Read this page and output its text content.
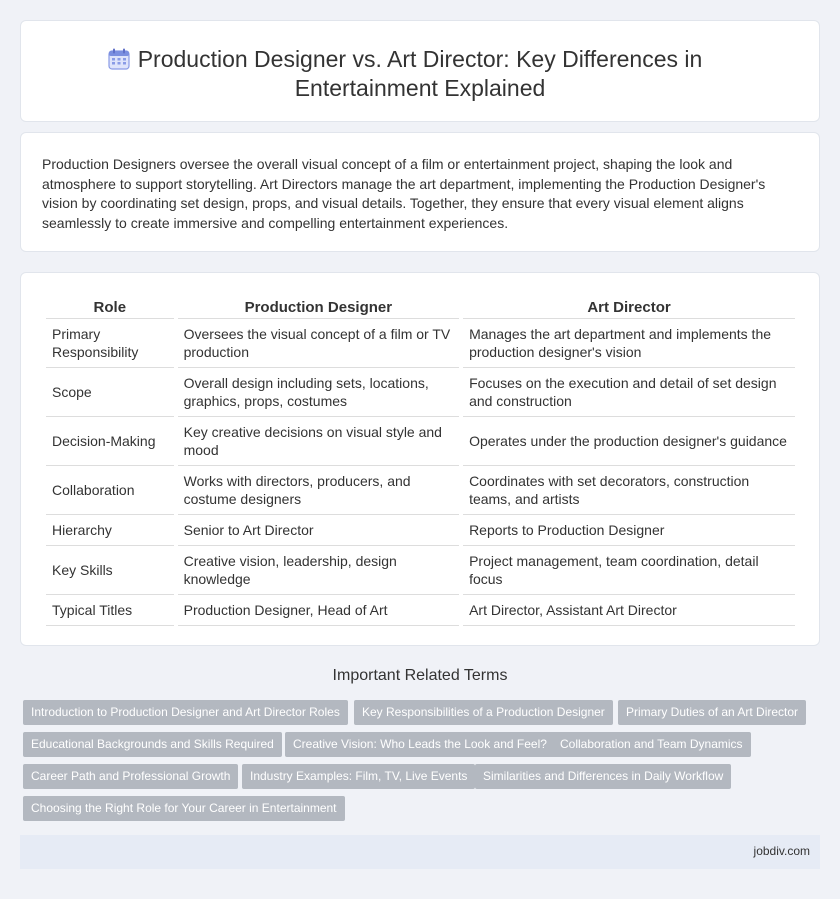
Production Designer vs. Art Director: Key Differences in Entertainment Explained

Production Designers oversee the overall visual concept of a film or entertainment project, shaping the look and atmosphere to support storytelling. Art Directors manage the art department, implementing the Production Designer's vision by coordinating set design, props, and visual details. Together, they ensure that every visual element aligns seamlessly to create immersive and compelling entertainment experiences.

Role	Production Designer	Art Director
Primary Responsibility	Oversees the visual concept of a film or TV production	Manages the art department and implements the production designer's vision
Scope	Overall design including sets, locations, graphics, props, costumes	Focuses on the execution and detail of set design and construction
Decision-Making	Key creative decisions on visual style and mood	Operates under the production designer's guidance
Collaboration	Works with directors, producers, and costume designers	Coordinates with set decorators, construction teams, and artists
Hierarchy	Senior to Art Director	Reports to Production Designer
Key Skills	Creative vision, leadership, design knowledge	Project management, team coordination, detail focus
Typical Titles	Production Designer, Head of Art	Art Director, Assistant Art Director
Important Related Terms
Introduction to Production Designer and Art Director Roles	Key Responsibilities of a Production Designer	Primary Duties of an Art Director
Educational Backgrounds and Skills Required	Creative Vision: Who Leads the Look and Feel?	Collaboration and Team Dynamics
Career Path and Professional Growth	Industry Examples: Film, TV, Live Events	Similarities and Differences in Daily Workflow
Choosing the Right Role for Your Career in Entertainment
jobdiv.com
